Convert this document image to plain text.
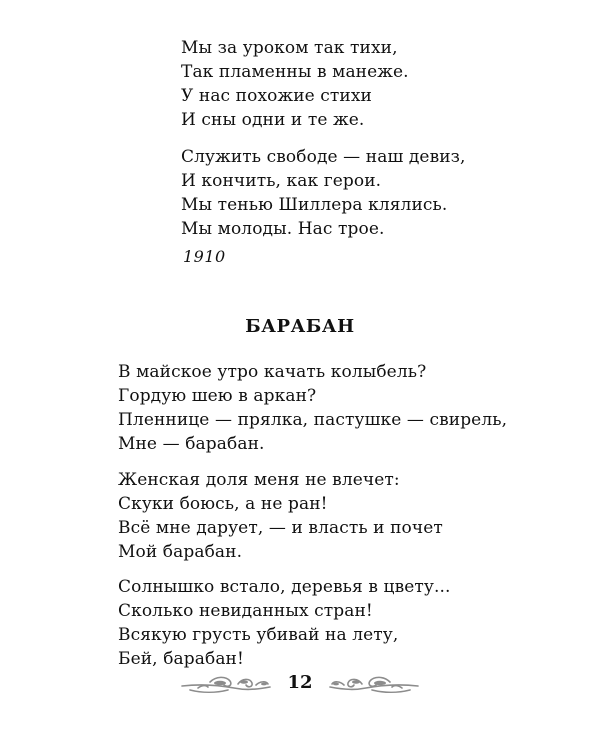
Мы за уроком так тихи,
Так пламенны в манеже.
У нас похожие стихи
И сны одни и те же.
Служить свободе — наш девиз,
И кончить, как герои.
Мы тенью Шиллера клялись.
Мы молоды. Нас трое.
1910
БАРАБАН
В майское утро качать колыбель?
Гордую шею в аркан?
Пленнице — прялка, пастушке — свирель,
Мне — барабан.
Женская доля меня не влечет:
Скуки боюсь, а не ран!
Всё мне дарует, — и власть и почет
Мой барабан.
Солнышко встало, деревья в цвету...
Сколько невиданных стран!
Всякую грусть убивай на лету,
Бей, барабан!
12
